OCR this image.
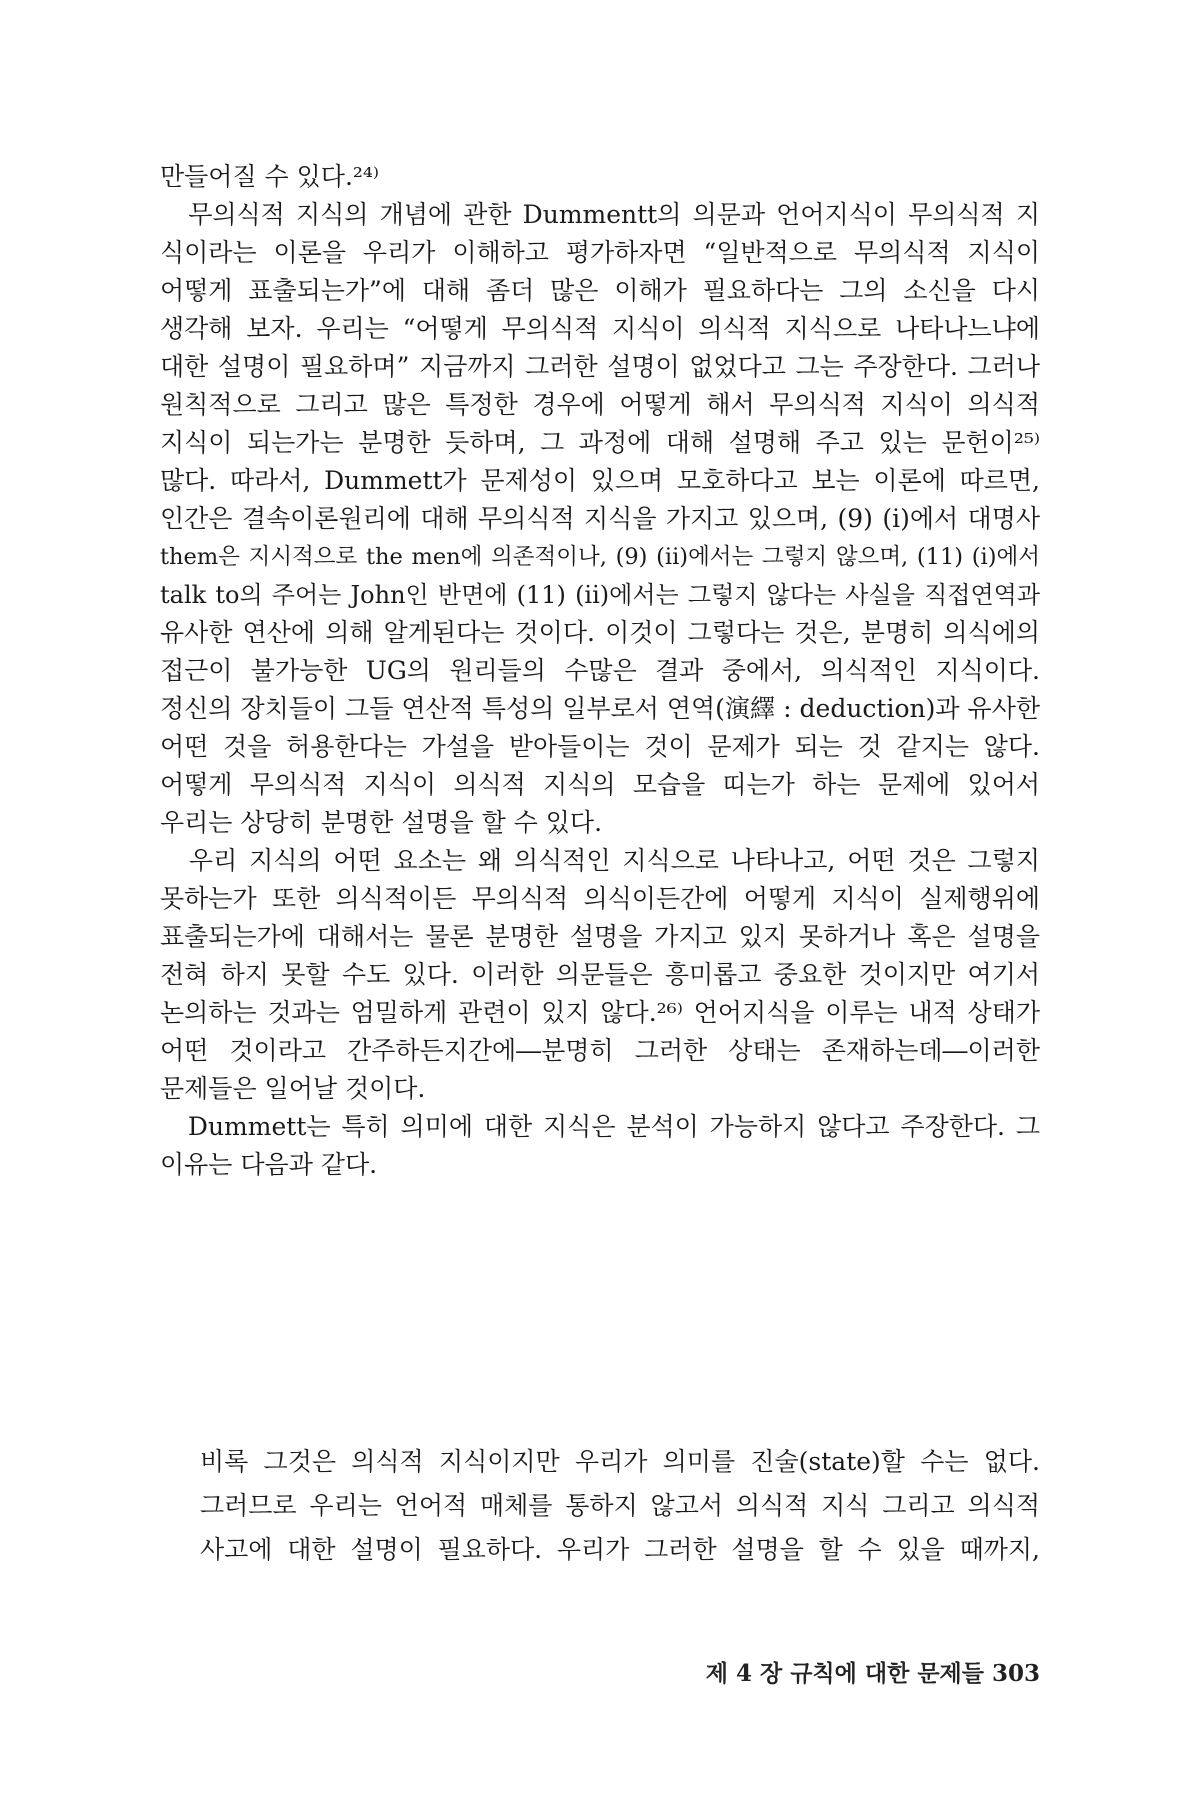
만들어질 수 있다.²⁴⁾
　무의식적 지식의 개념에 관한 Dummentt의 의문과 언어지식이 무의식적 지
식이라는 이론을 우리가 이해하고 평가하자면 “일반적으로 무의식적 지식이
어떻게 표출되는가”에 대해 좀더 많은 이해가 필요하다는 그의 소신을 다시
생각해 보자. 우리는 “어떻게 무의식적 지식이 의식적 지식으로 나타나느냐에
대한 설명이 필요하며” 지금까지 그러한 설명이 없었다고 그는 주장한다. 그러나
원칙적으로 그리고 많은 특정한 경우에 어떻게 해서 무의식적 지식이 의식적
지식이 되는가는 분명한 듯하며, 그 과정에 대해 설명해 주고 있는 문헌이²⁵⁾
많다. 따라서, Dummett가 문제성이 있으며 모호하다고 보는 이론에 따르면,
인간은 결속이론원리에 대해 무의식적 지식을 가지고 있으며, (9) (i)에서 대명사
them은 지시적으로 the men에 의존적이나, (9) (ii)에서는 그렇지 않으며, (11) (i)에서
talk to의 주어는 John인 반면에 (11) (ii)에서는 그렇지 않다는 사실을 직접연역과
유사한 연산에 의해 알게된다는 것이다. 이것이 그렇다는 것은, 분명히 의식에의
접근이 불가능한 UG의 원리들의 수많은 결과 중에서, 의식적인 지식이다.
정신의 장치들이 그들 연산적 특성의 일부로서 연역(演繹 : deduction)과 유사한
어떤 것을 허용한다는 가설을 받아들이는 것이 문제가 되는 것 같지는 않다.
어떻게 무의식적 지식이 의식적 지식의 모습을 띠는가 하는 문제에 있어서
우리는 상당히 분명한 설명을 할 수 있다.
　우리 지식의 어떤 요소는 왜 의식적인 지식으로 나타나고, 어떤 것은 그렇지
못하는가 또한 의식적이든 무의식적 의식이든간에 어떻게 지식이 실제행위에
표출되는가에 대해서는 물론 분명한 설명을 가지고 있지 못하거나 혹은 설명을
전혀 하지 못할 수도 있다. 이러한 의문들은 흥미롭고 중요한 것이지만 여기서
논의하는 것과는 엄밀하게 관련이 있지 않다.²⁶⁾ 언어지식을 이루는 내적 상태가
어떤 것이라고 간주하든지간에―분명히 그러한 상태는 존재하는데―이러한
문제들은 일어날 것이다.
　Dummett는 특히 의미에 대한 지식은 분석이 가능하지 않다고 주장한다. 그
이유는 다음과 같다.
비록 그것은 의식적 지식이지만 우리가 의미를 진술(state)할 수는 없다.
그러므로 우리는 언어적 매체를 통하지 않고서 의식적 지식 그리고 의식적
사고에 대한 설명이 필요하다. 우리가 그러한 설명을 할 수 있을 때까지,
제 4 장 규칙에 대한 문제들 303
